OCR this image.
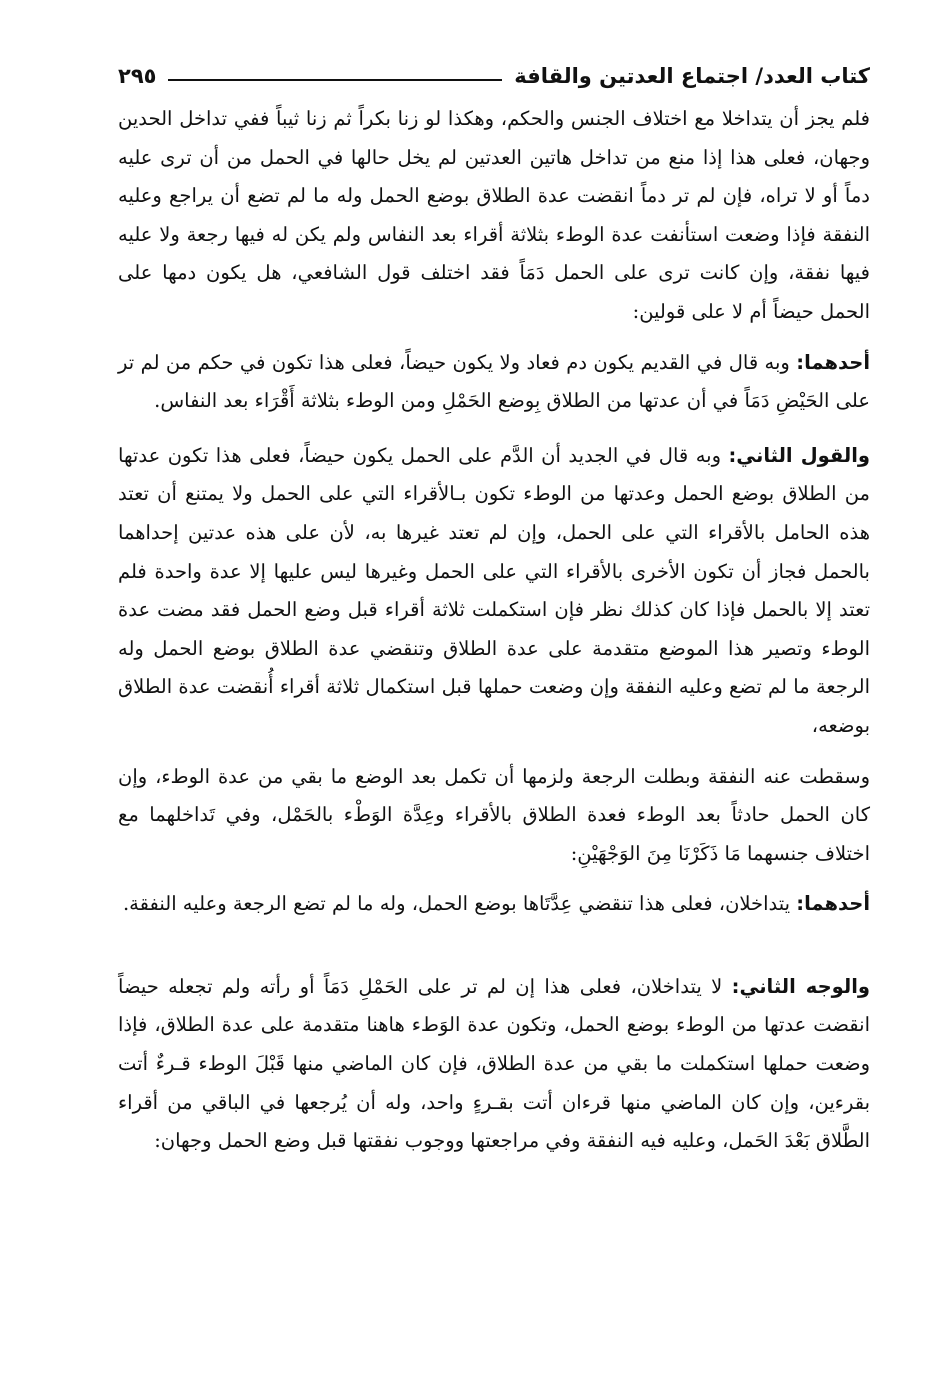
كتاب العدد/ اجتماع العدتين والقافة
٢٩٥

فلم يجز أن يتداخلا مع اختلاف الجنس والحكم، وهكذا لو زنا بكراً ثم زنا ثيباً ففي تداخل الحدين وجهان، فعلى هذا إذا منع من تداخل هاتين العدتين لم يخل حالها في الحمل من أن ترى عليه دماً أو لا تراه، فإن لم تر دماً انقضت عدة الطلاق بوضع الحمل وله ما لم تضع أن يراجع وعليه النفقة فإذا وضعت استأنفت عدة الوطء بثلاثة أقراء بعد النفاس ولم يكن له فيها رجعة ولا عليه فيها نفقة، وإن كانت ترى على الحمل دَمَاً فقد اختلف قول الشافعي، هل يكون دمها على الحمل حيضاً أم لا على قولين:

أحدهما: وبه قال في القديم يكون دم فعاد ولا يكون حيضاً، فعلى هذا تكون في حكم من لم تر على الحَيْضِ دَمَاً في أن عدتها من الطلاق بِوضع الحَمْلِ ومن الوطء بثلاثة أَقْرَاء بعد النفاس.

والقول الثاني: وبه قال في الجديد أن الدَّم على الحمل يكون حيضاً، فعلى هذا تكون عدتها من الطلاق بوضع الحمل وعدتها من الوطء تكون بـالأقراء التي على الحمل ولا يمتنع أن تعتد هذه الحامل بالأقراء التي على الحمل، وإن لم تعتد غيرها به، لأن على هذه عدتين إحداهما بالحمل فجاز أن تكون الأخرى بالأقراء التي على الحمل وغيرها ليس عليها إلا عدة واحدة فلم تعتد إلا بالحمل فإذا كان كذلك نظر فإن استكملت ثلاثة أقراء قبل وضع الحمل فقد مضت عدة الوطء وتصير هذا الموضع متقدمة على عدة الطلاق وتنقضي عدة الطلاق بوضع الحمل وله الرجعة ما لم تضع وعليه النفقة وإن وضعت حملها قبل استكمال ثلاثة أقراء أُنقضت عدة الطلاق بوضعه،

وسقطت عنه النفقة وبطلت الرجعة ولزمها أن تكمل بعد الوضع ما بقي من عدة الوطء، وإن كان الحمل حادثاً بعد الوطء فعدة الطلاق بالأقراء وعِدَّة الوَطْء بالحَمْل، وفي تَداخلهما مع اختلاف جنسهما مَا ذَكَرْنَا مِنَ الوَجْهَيْنِ:

أحدهما: يتداخلان، فعلى هذا تنقضي عِدَّتَاها بوضع الحمل، وله ما لم تضع الرجعة وعليه النفقة.

والوجه الثاني: لا يتداخلان، فعلى هذا إن لم تر على الحَمْلِ دَمَاً أو رأته ولم تجعله حيضاً انقضت عدتها من الوطء بوضع الحمل، وتكون عدة الوَطء هاهنا متقدمة على عدة الطلاق، فإذا وضعت حملها استكملت ما بقي من عدة الطلاق، فإن كان الماضي منها قَبْلَ الوطء قـرءٌ أتت بقرءين، وإن كان الماضي منها قرءان أتت بقـرءٍ واحد، وله أن يُرجعها في الباقي من أقراء الطَّلاق بَعْدَ الحَمل، وعليه فيه النفقة وفي مراجعتها ووجوب نفقتها قبل وضع الحمل وجهان:
